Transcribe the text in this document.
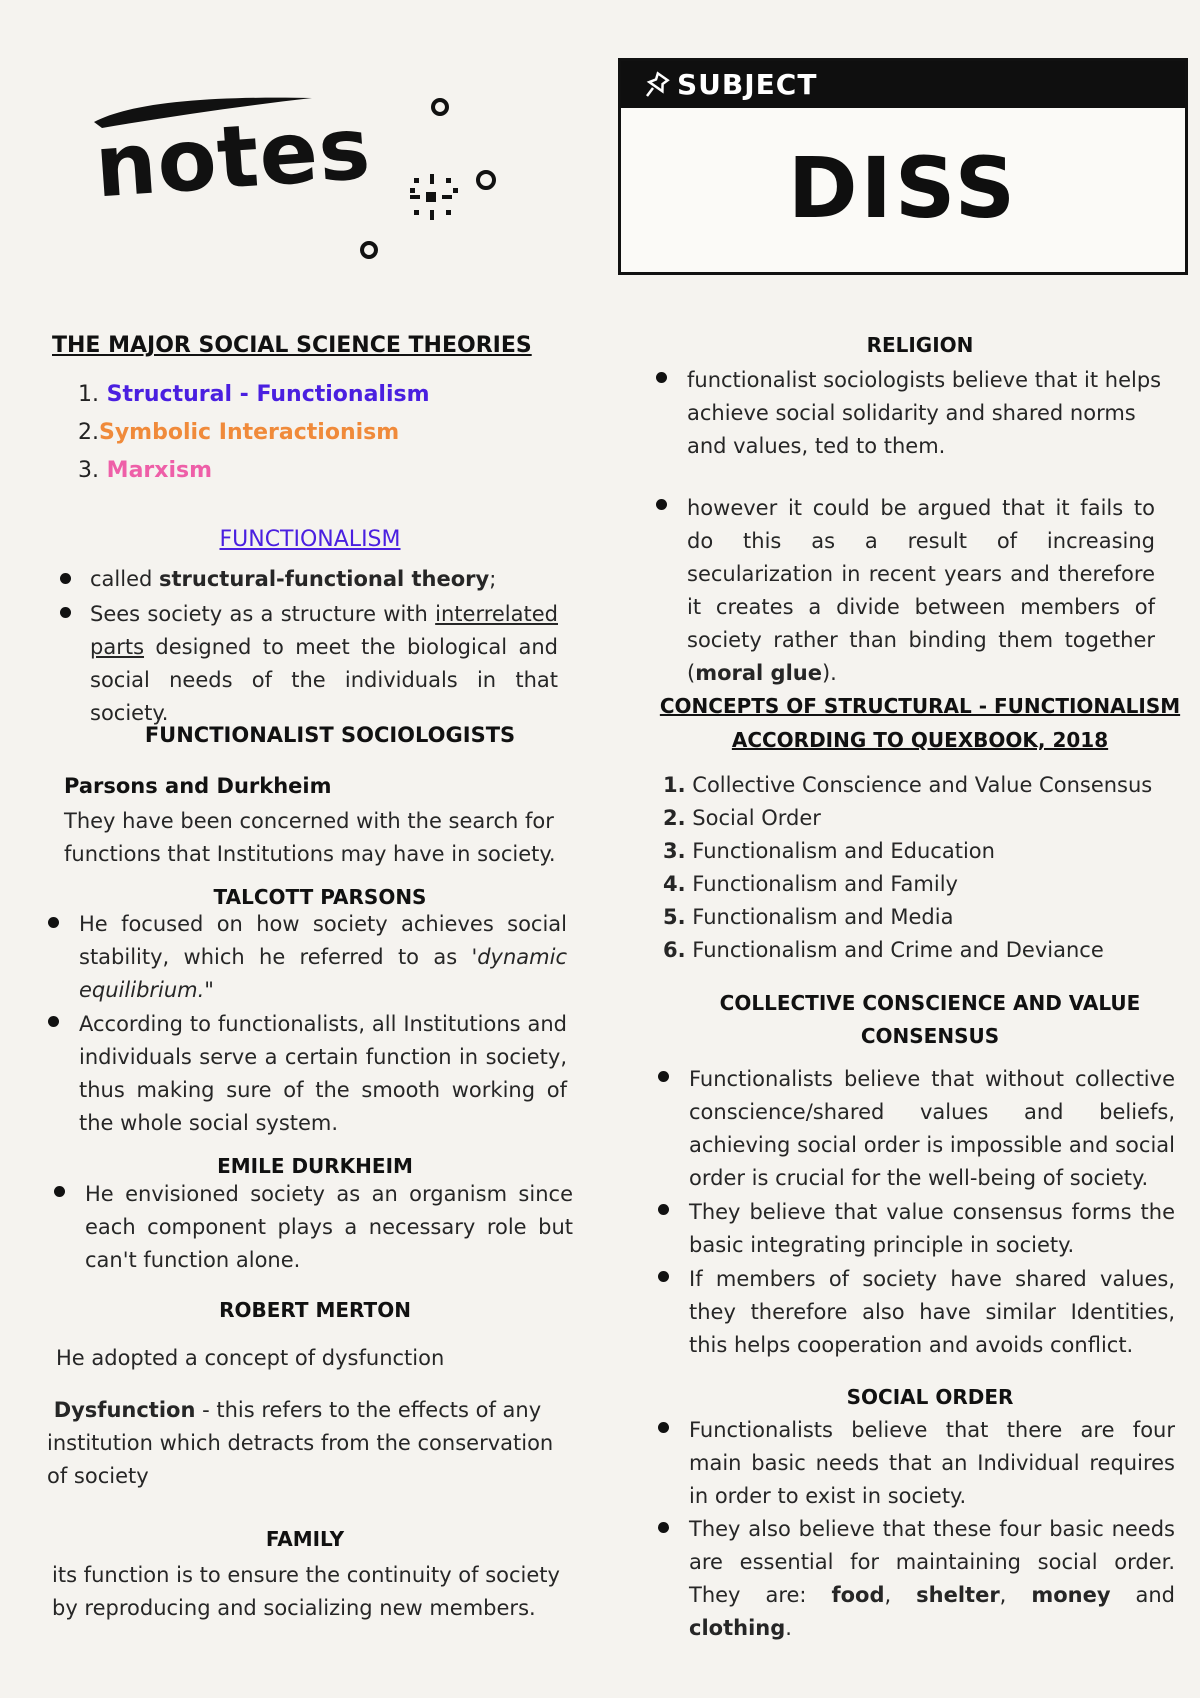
notes
SUBJECT
DISS
THE MAJOR SOCIAL SCIENCE THEORIES
1. Structural - Functionalism
2.Symbolic Interactionism
3. Marxism
FUNCTIONALISM
called structural-functional theory;
Sees society as a structure with interrelated parts designed to meet the biological and social needs of the individuals in that society.
FUNCTIONALIST SOCIOLOGISTS
Parsons and Durkheim
They have been concerned with the search for functions that Institutions may have in society.
TALCOTT PARSONS
He focused on how society achieves social stability, which he referred to as 'dynamic equilibrium."
According to functionalists, all Institutions and individuals serve a certain function in society, thus making sure of the smooth working of the whole social system.
EMILE DURKHEIM
He envisioned society as an organism since each component plays a necessary role but can't function alone.
ROBERT MERTON
He adopted a concept of dysfunction
Dysfunction - this refers to the effects of any institution which detracts from the conservation of society
FAMILY
its function is to ensure the continuity of society by reproducing and socializing new members.
RELIGION
functionalist sociologists believe that it helps achieve social solidarity and shared norms and values, ted to them.
however it could be argued that it fails to do this as a result of increasing secularization in recent years and therefore it creates a divide between members of society rather than binding them together (moral glue).
CONCEPTS OF STRUCTURAL - FUNCTIONALISM
ACCORDING TO QUEXBOOK, 2018
1. Collective Conscience and Value Consensus
2. Social Order
3. Functionalism and Education
4. Functionalism and Family
5. Functionalism and Media
6. Functionalism and Crime and Deviance
COLLECTIVE CONSCIENCE AND VALUE
CONSENSUS
Functionalists believe that without collective conscience/shared values and beliefs, achieving social order is impossible and social order is crucial for the well-being of society.
They believe that value consensus forms the basic integrating principle in society.
If members of society have shared values, they therefore also have similar Identities, this helps cooperation and avoids conflict.
SOCIAL ORDER
Functionalists believe that there are four main basic needs that an Individual requires in order to exist in society.
They also believe that these four basic needs are essential for maintaining social order. They are: food, shelter, money and clothing.
